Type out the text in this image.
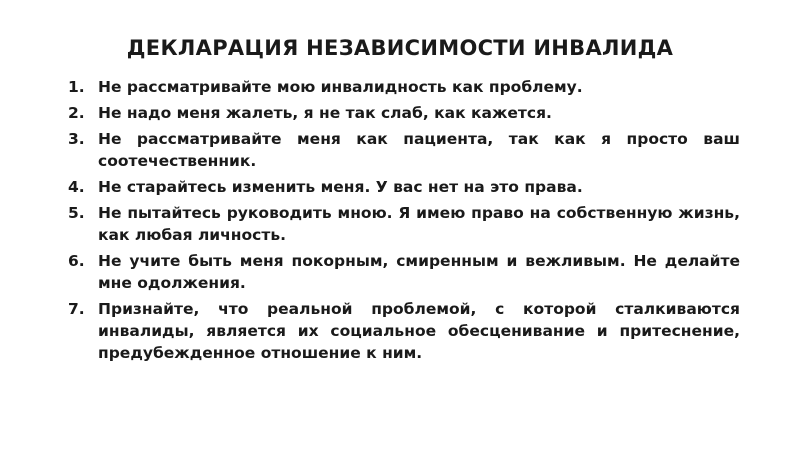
ДЕКЛАРАЦИЯ НЕЗАВИСИМОСТИ ИНВАЛИДА
1. Не рассматривайте мою инвалидность как проблему.
2. Не надо меня жалеть, я не так слаб, как кажется.
3. Не рассматривайте меня как пациента, так как я просто ваш соотечественник.
4. Не старайтесь изменить меня. У вас нет на это права.
5. Не пытайтесь руководить мною. Я имею право на собственную жизнь, как любая личность.
6. Не учите быть меня покорным, смиренным и вежливым. Не делайте мне одолжения.
7. Признайте, что реальной проблемой, с которой сталкиваются инвалиды, является их социальное обесценивание и притеснение, предубежденное отношение к ним.
